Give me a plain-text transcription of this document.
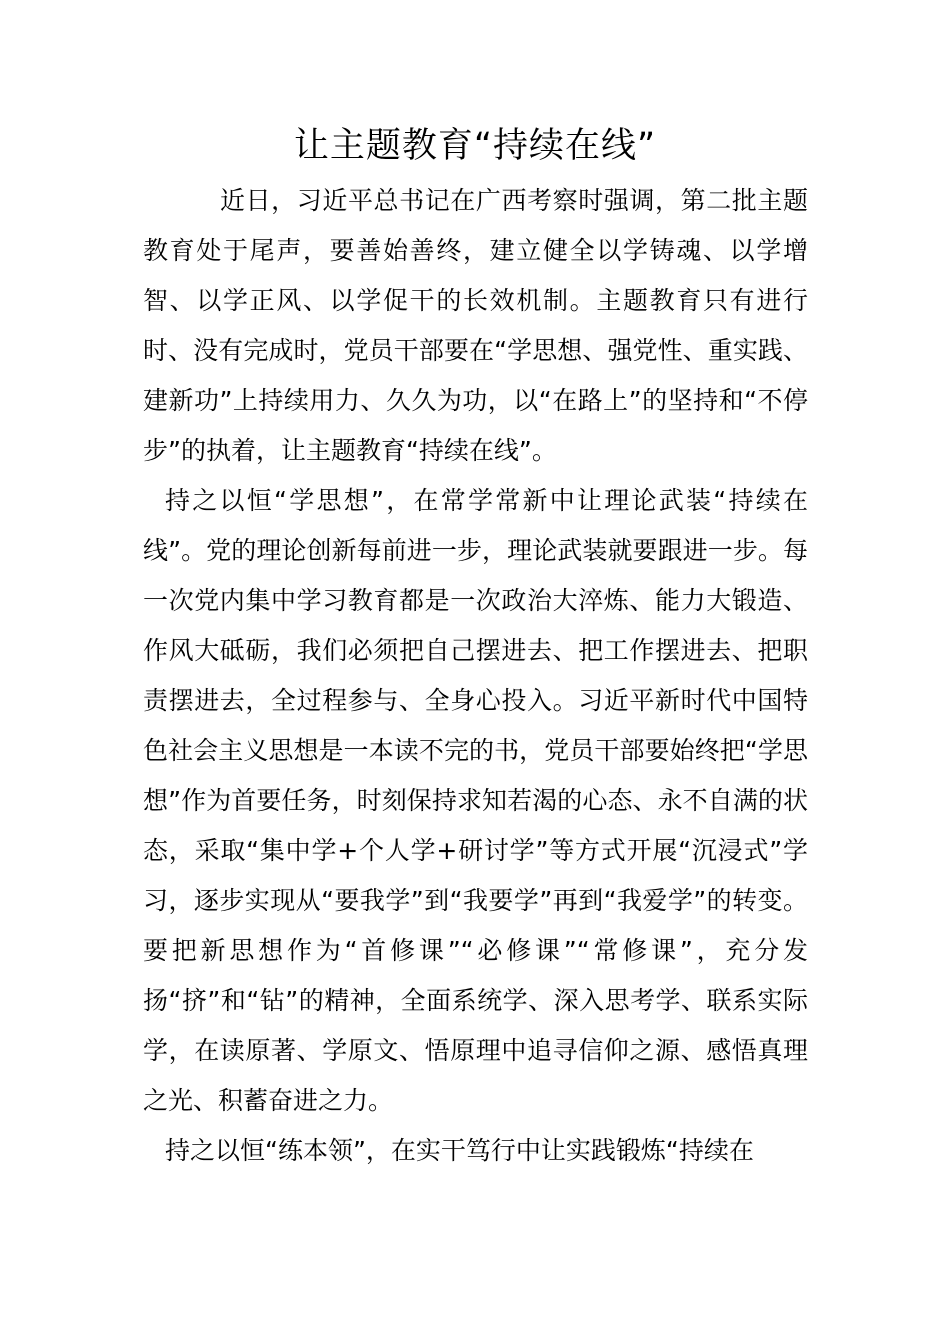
让主题教育“持续在线”

近日，习近平总书记在广西考察时强调，第二批主题教育处于尾声，要善始善终，建立健全以学铸魂、以学增智、以学正风、以学促干的长效机制。主题教育只有进行时、没有完成时，党员干部要在“学思想、强党性、重实践、建新功”上持续用力、久久为功，以“在路上”的坚持和“不停步”的执着，让主题教育“持续在线”。

持之以恒“学思想”，在常学常新中让理论武装“持续在线”。党的理论创新每前进一步，理论武装就要跟进一步。每一次党内集中学习教育都是一次政治大淬炼、能力大锻造、作风大砥砺，我们必须把自己摆进去、把工作摆进去、把职责摆进去，全过程参与、全身心投入。习近平新时代中国特色社会主义思想是一本读不完的书，党员干部要始终把“学思想”作为首要任务，时刻保持求知若渴的心态、永不自满的状态，采取“集中学+个人学+研讨学”等方式开展“沉浸式”学习，逐步实现从“要我学”到“我要学”再到“我爱学”的转变。要把新思想作为“首修课”“必修课”“常修课”，充分发扬“挤”和“钻”的精神，全面系统学、深入思考学、联系实际学，在读原著、学原文、悟原理中追寻信仰之源、感悟真理之光、积蓄奋进之力。

持之以恒“练本领”，在实干笃行中让实践锻炼“持续在
